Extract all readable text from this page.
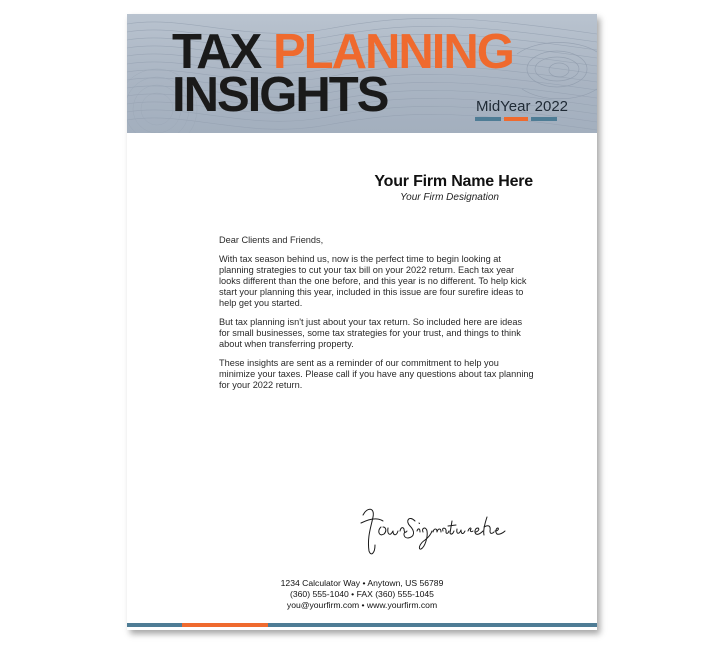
TAX PLANNING
INSIGHTS	MidYear 2022
Your Firm Name Here
Your Firm Designation

Dear Clients and Friends,

With tax season behind us, now is the perfect time to begin looking at planning strategies to cut your tax bill on your 2022 return. Each tax year looks different than the one before, and this year is no different. To help kick start your planning this year, included in this issue are four surefire ideas to help get you started.

But tax planning isn't just about your tax return. So included here are ideas for small businesses, some tax strategies for your trust, and things to think about when transferring property.

These insights are sent as a reminder of our commitment to help you minimize your taxes. Please call if you have any questions about tax planning for your 2022 return.

1234 Calculator Way • Anytown, US 56789
(360) 555-1040 • FAX (360) 555-1045
you@yourfirm.com • www.yourfirm.com
